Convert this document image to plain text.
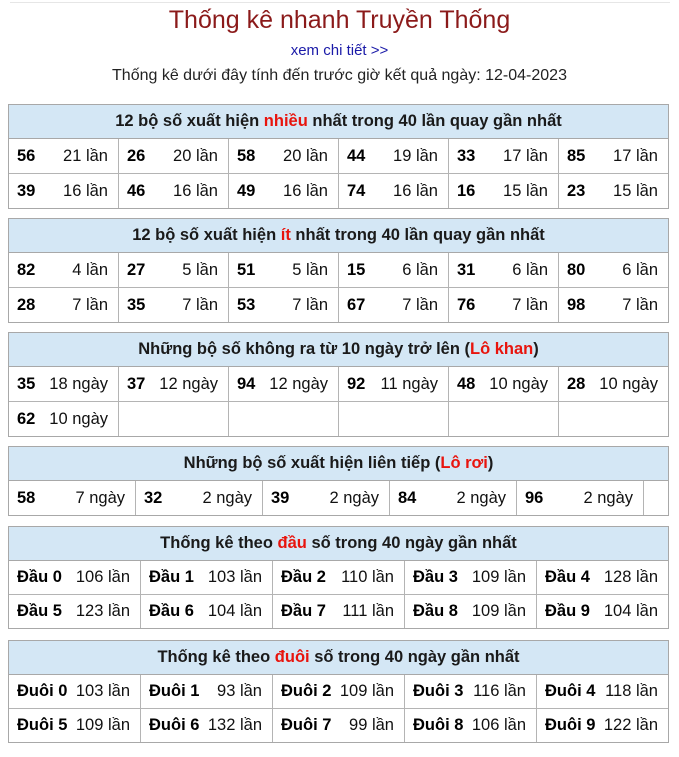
Thống kê nhanh Truyền Thống
xem chi tiết >>
Thống kê dưới đây tính đến trước giờ kết quả ngày: 12-04-2023
12 bộ số xuất hiện nhiều nhất trong 40 lần quay gần nhất
56 21 lần	26 20 lần	58 20 lần	44 19 lần	33 17 lần	85 17 lần
39 16 lần	46 16 lần	49 16 lần	74 16 lần	16 15 lần	23 15 lần
12 bộ số xuất hiện ít nhất trong 40 lần quay gần nhất
82 4 lần	27 5 lần	51 5 lần	15 6 lần	31 6 lần	80 6 lần
28 7 lần	35 7 lần	53 7 lần	67 7 lần	76 7 lần	98 7 lần
Những bộ số không ra từ 10 ngày trở lên (Lô khan)
35 18 ngày	37 12 ngày	94 12 ngày	92 11 ngày	48 10 ngày	28 10 ngày
62 10 ngày
Những bộ số xuất hiện liên tiếp (Lô rơi)
58 7 ngày	32 2 ngày	39 2 ngày	84 2 ngày	96 2 ngày
Thống kê theo đầu số trong 40 ngày gần nhất
Đầu 0 106 lần	Đầu 1 103 lần	Đầu 2 110 lần	Đầu 3 109 lần	Đầu 4 128 lần
Đầu 5 123 lần	Đầu 6 104 lần	Đầu 7 111 lần	Đầu 8 109 lần	Đầu 9 104 lần
Thống kê theo đuôi số trong 40 ngày gần nhất
Đuôi 0 103 lần	Đuôi 1 93 lần	Đuôi 2 109 lần	Đuôi 3 116 lần	Đuôi 4 118 lần
Đuôi 5 109 lần	Đuôi 6 132 lần	Đuôi 7 99 lần	Đuôi 8 106 lần	Đuôi 9 122 lần
